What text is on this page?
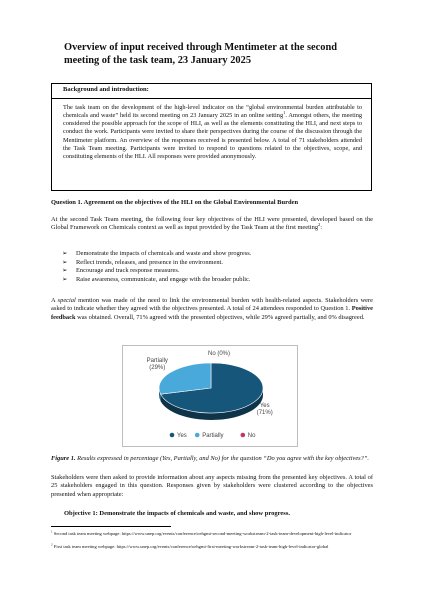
Overview of input received through Mentimeter at the second meeting of the task team, 23 January 2025
Background and introduction:
The task team on the development of the high-level indicator on the “global environmental burden attributable to chemicals and waste” held its second meeting on 23 January 2025 in an online setting$^1$. Amongst others, the meeting considered the possible approach for the scope of HLI, as well as the elements constituting the HLI, and next steps to conduct the work. Participants were invited to share their perspectives during the course of the discussion through the Mentimeter platform. An overview of the responses received is presented below. A total of 71 stakeholders attended the Task Team meeting. Participants were invited to respond to questions related to the objectives, scope, and constituting elements of the HLI. All responses were provided anonymously.
Question 1. Agreement on the objectives of the HLI on the Global Environmental Burden
At the second Task Team meeting, the following four key objectives of the HLI were presented, developed based on the Global Framework on Chemicals context as well as input provided by the Task Team at the first meeting$^2$:
➢ Demonstrate the impacts of chemicals and waste and show progress.
➢ Reflect trends, releases, and presence in the environment.
➢ Encourage and track response measures.
➢ Raise awareness, communicate, and engage with the broader public.
A special mention was made of the need to link the environmental burden with health-related aspects. Stakeholders were asked to indicate whether they agreed with the objectives presented. A total of 24 attendees responded to Question 1. Positive feedback was obtained. Overall, 71% agreed with the presented objectives, while 29% agreed partially, and 0% disagreed.
Yes (71%)
Partially (29%)
No (0%)
Yes	Partially	No
Figure 1. Results expressed in percentage (Yes, Partially, and No) for the question “Do you agree with the key objectives?”.
Stakeholders were then asked to provide information about any aspects missing from the presented key objectives. A total of 25 stakeholders engaged in this question. Responses given by stakeholders were clustered according to the objectives presented when appropriate:
Objective 1: Demonstrate the impacts of chemicals and waste, and show progress.
$^1$ Second task team meeting webpage: https://www.unep.org/events/conference/oehgmi-second-meeting-workstream-2-task-team-development-high-level-indicator
$^2$ First task team meeting webpage: https://www.unep.org/events/conference/oehgmi-first-meeting-workstream-2-task-team-high-level-indicator-global
